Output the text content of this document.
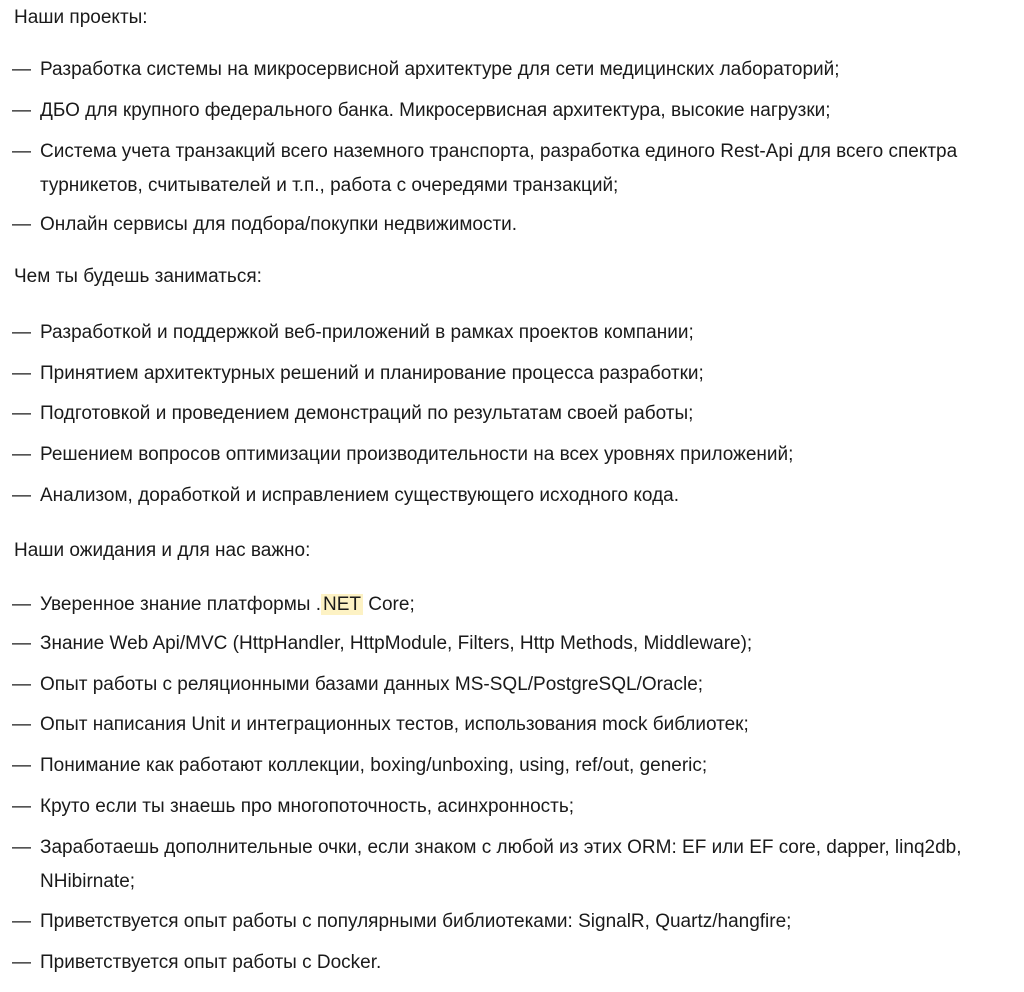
Наши проекты:
— Разработка системы на микросервисной архитектуре для сети медицинских лабораторий;
— ДБО для крупного федерального банка. Микросервисная архитектура, высокие нагрузки;
— Система учета транзакций всего наземного транспорта, разработка единого Rest-Api для всего спектра турникетов, считывателей и т.п., работа с очередями транзакций;
— Онлайн сервисы для подбора/покупки недвижимости.
Чем ты будешь заниматься:
— Разработкой и поддержкой веб-приложений в рамках проектов компании;
— Принятием архитектурных решений и планирование процесса разработки;
— Подготовкой и проведением демонстраций по результатам своей работы;
— Решением вопросов оптимизации производительности на всех уровнях приложений;
— Анализом, доработкой и исправлением существующего исходного кода.
Наши ожидания и для нас важно:
— Уверенное знание платформы . NET Core;
— Знание Web Api/MVC (HttpHandler, HttpModule, Filters, Http Methods, Middleware);
— Опыт работы с реляционными базами данных MS-SQL/PostgreSQL/Oracle;
— Опыт написания Unit и интеграционных тестов, использования mock библиотек;
— Понимание как работают коллекции, boxing/unboxing, using, ref/out, generic;
— Круто если ты знаешь про многопоточность, асинхронность;
— Заработаешь дополнительные очки, если знаком с любой из этих ORM: EF или EF core, dapper, linq2db, NHibirnate;
— Приветствуется опыт работы с популярными библиотеками: SignalR, Quartz/hangfire;
— Приветствуется опыт работы с Docker.
